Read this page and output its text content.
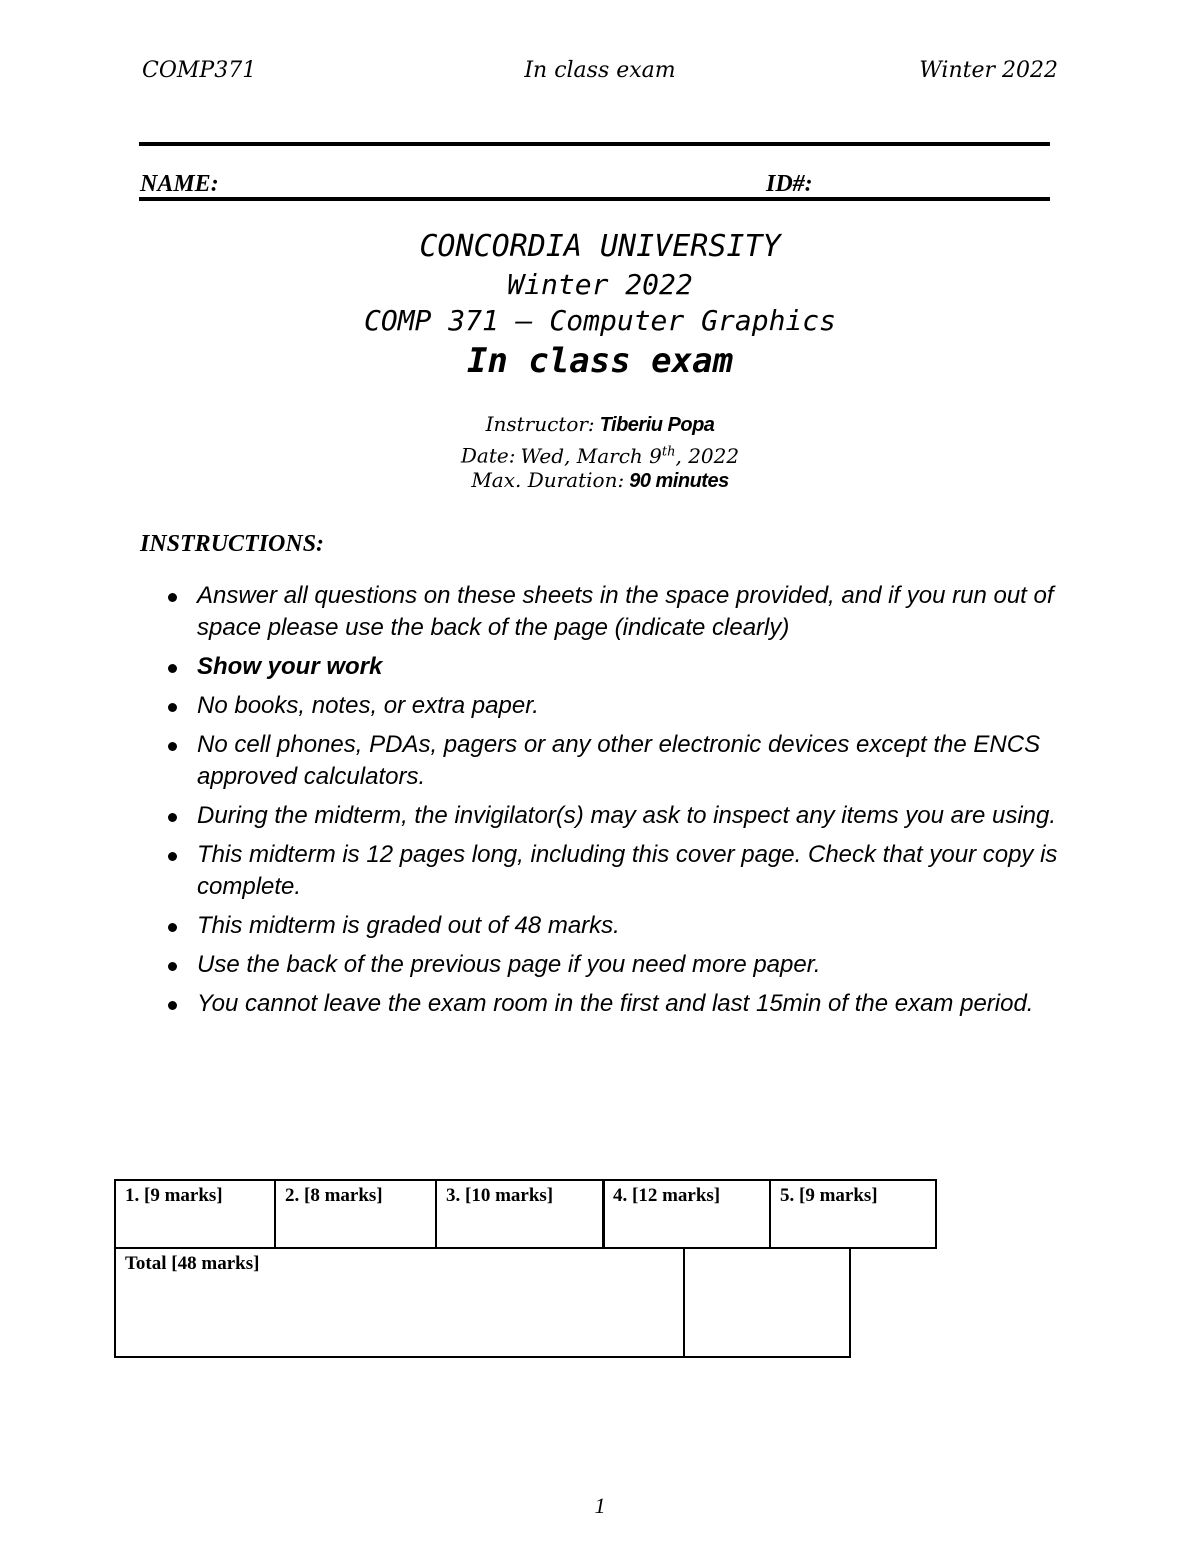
COMP371	In class exam	Winter 2022
NAME:	ID#:
CONCORDIA UNIVERSITY
Winter 2022
COMP 371 – Computer Graphics
In class exam
Instructor: Tiberiu Popa
Date: Wed, March 9th, 2022
Max. Duration: 90 minutes
INSTRUCTIONS:
Answer all questions on these sheets in the space provided, and if you run out of space please use the back of the page (indicate clearly)
Show your work
No books, notes, or extra paper.
No cell phones, PDAs, pagers or any other electronic devices except the ENCS approved calculators.
During the midterm, the invigilator(s) may ask to inspect any items you are using.
This midterm is 12 pages long, including this cover page. Check that your copy is complete.
This midterm is graded out of 48 marks.
Use the back of the previous page if you need more paper.
You cannot leave the exam room in the first and last 15min of the exam period.
1. [9 marks]	2. [8 marks]	3. [10 marks]	4. [12 marks]	5. [9 marks]
Total [48 marks]
1
